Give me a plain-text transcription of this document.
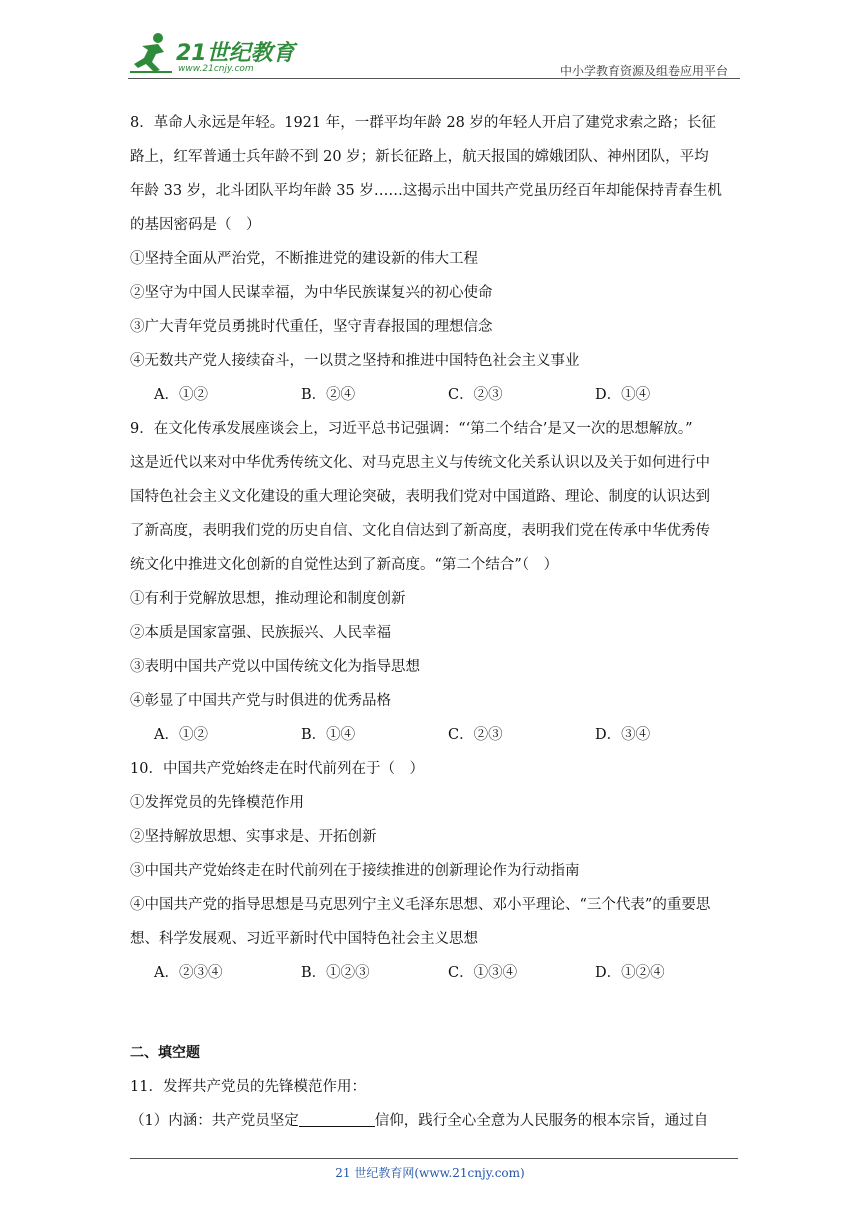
21世纪教育
www.21cnjy.com	中小学教育资源及组卷应用平台

8．革命人永远是年轻。1921 年，一群平均年龄 28 岁的年轻人开启了建党求索之路；长征

路上，红军普通士兵年龄不到 20 岁；新长征路上，航天报国的嫦娥团队、神州团队，平均

年龄 33 岁，北斗团队平均年龄 35 岁……这揭示出中国共产党虽历经百年却能保持青春生机

的基因密码是（　）

①坚持全面从严治党，不断推进党的建设新的伟大工程

②坚守为中国人民谋幸福，为中华民族谋复兴的初心使命

③广大青年党员勇挑时代重任，坚守青春报国的理想信念

④无数共产党人接续奋斗，一以贯之坚持和推进中国特色社会主义事业

A．①②	B．②④	C．②③	D．①④

9．在文化传承发展座谈会上，习近平总书记强调：“‘第二个结合’是又一次的思想解放。”

这是近代以来对中华优秀传统文化、对马克思主义与传统文化关系认识以及关于如何进行中

国特色社会主义文化建设的重大理论突破，表明我们党对中国道路、理论、制度的认识达到

了新高度，表明我们党的历史自信、文化自信达到了新高度，表明我们党在传承中华优秀传

统文化中推进文化创新的自觉性达到了新高度。“第二个结合”（　）

①有利于党解放思想，推动理论和制度创新

②本质是国家富强、民族振兴、人民幸福

③表明中国共产党以中国传统文化为指导思想

④彰显了中国共产党与时俱进的优秀品格

A．①②	B．①④	C．②③	D．③④

10．中国共产党始终走在时代前列在于（　）

①发挥党员的先锋模范作用

②坚持解放思想、实事求是、开拓创新

③中国共产党始终走在时代前列在于接续推进的创新理论作为行动指南

④中国共产党的指导思想是马克思列宁主义毛泽东思想、邓小平理论、“三个代表”的重要思

想、科学发展观、习近平新时代中国特色社会主义思想

A．②③④	B．①②③	C．①③④	D．①②④
二、填空题

11．发挥共产党员的先锋模范作用：

（1）内涵：共产党员坚定	信仰，践行全心全意为人民服务的根本宗旨，通过自

21 世纪教育网(www.21cnjy.com)
